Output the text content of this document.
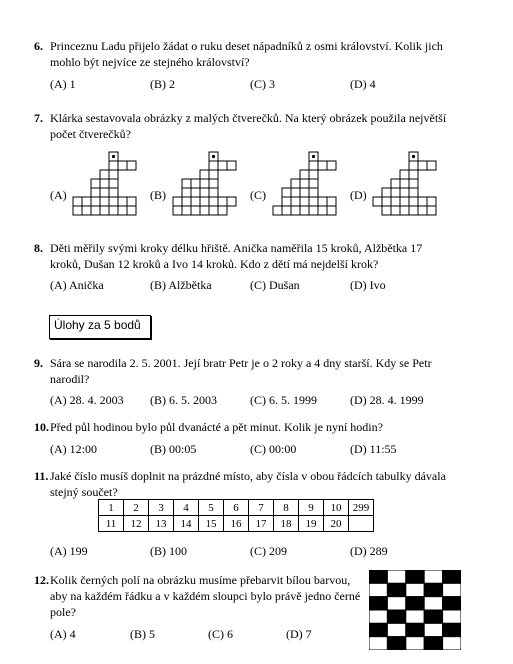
6. Princeznu Ladu přijelo žádat o ruku deset nápadníků z osmi království. Kolik jich
mohlo být nejvíce ze stejného království?
(A) 1	(B) 2	(C) 3	(D) 4
7. Klárka sestavovala obrázky z malých čtverečků. Na který obrázek použila největší
počet čtverečků?
(A)	(B)	(C)	(D)
8. Děti měřily svými kroky délku hřiště. Anička naměřila 15 kroků, Alžbětka 17
kroků, Dušan 12 kroků a Ivo 14 kroků. Kdo z dětí má nejdelší krok?
(A) Anička	(B) Alžbětka	(C) Dušan	(D) Ivo
Úlohy za 5 bodů
9. Sára se narodila 2. 5. 2001. Její bratr Petr je o 2 roky a 4 dny starší. Kdy se Petr
narodil?
(A) 28. 4. 2003 (B) 6. 5. 2003	(C) 6. 5. 1999	(D) 28. 4. 1999
10. Před půl hodinou bylo půl dvanácté a pět minut. Kolik je nyní hodin?
(A) 12:00	(B) 00:05	(C) 00:00	(D) 11:55
11. Jaké číslo musíš doplnit na prázdné místo, aby čísla v obou řádcích tabulky dávala
stejný součet?
(A) 199	(B) 100	(C) 209	(D) 289
1	2	3	4	5	6	7	8	9	10	299
11	12	13	14	15	16	17	18	19	20	
12. Kolik černých polí na obrázku musíme přebarvit bílou barvou,
aby na každém řádku a v každém sloupci bylo právě jedno černé
pole?
(A) 4	(B) 5	(C) 6	(D) 7
